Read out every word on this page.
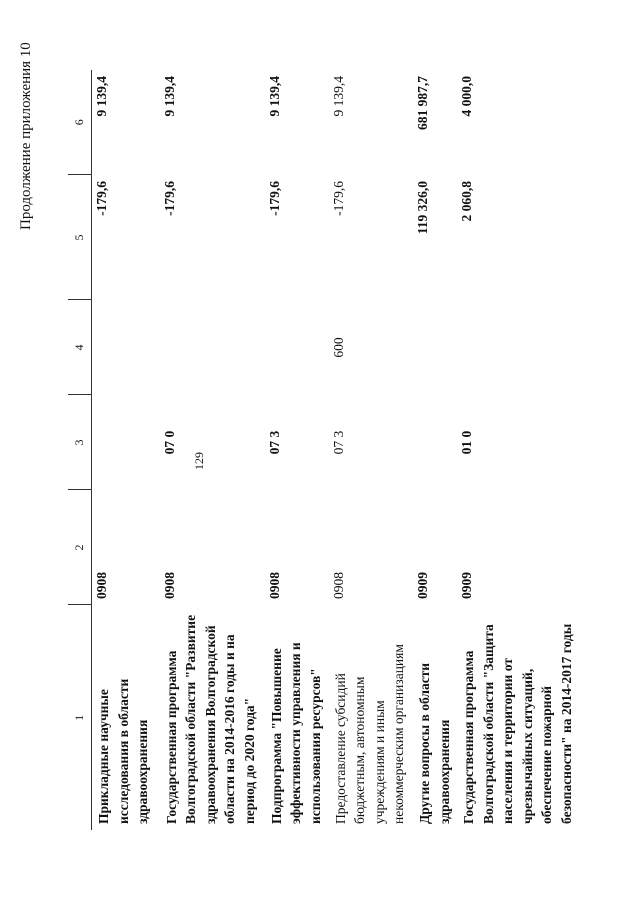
Продолжение приложения 10
129
1	2	3	4	5	6
Прикладные научные исследования в области здравоохранения	0908			-179,6	9 139,4
Государственная программа Волгоградской области "Развитие здравоохранения Волгоградской области на 2014-2016 годы и на период до 2020 года"	0908	07 0		-179,6	9 139,4
Подпрограмма "Повышение эффективности управления и использования ресурсов"	0908	07 3		-179,6	9 139,4
Предоставление субсидий бюджетным, автономным учреждениям и иным некоммерческим организациям	0908	07 3	600	-179,6	9 139,4
Другие вопросы в области здравоохранения	0909			119 326,0	681 987,7
Государственная программа Волгоградской области "Защита населения и территории от чрезвычайных ситуаций, обеспечение пожарной безопасности" на 2014-2017 годы	0909	01 0		2 060,8	4 000,0
